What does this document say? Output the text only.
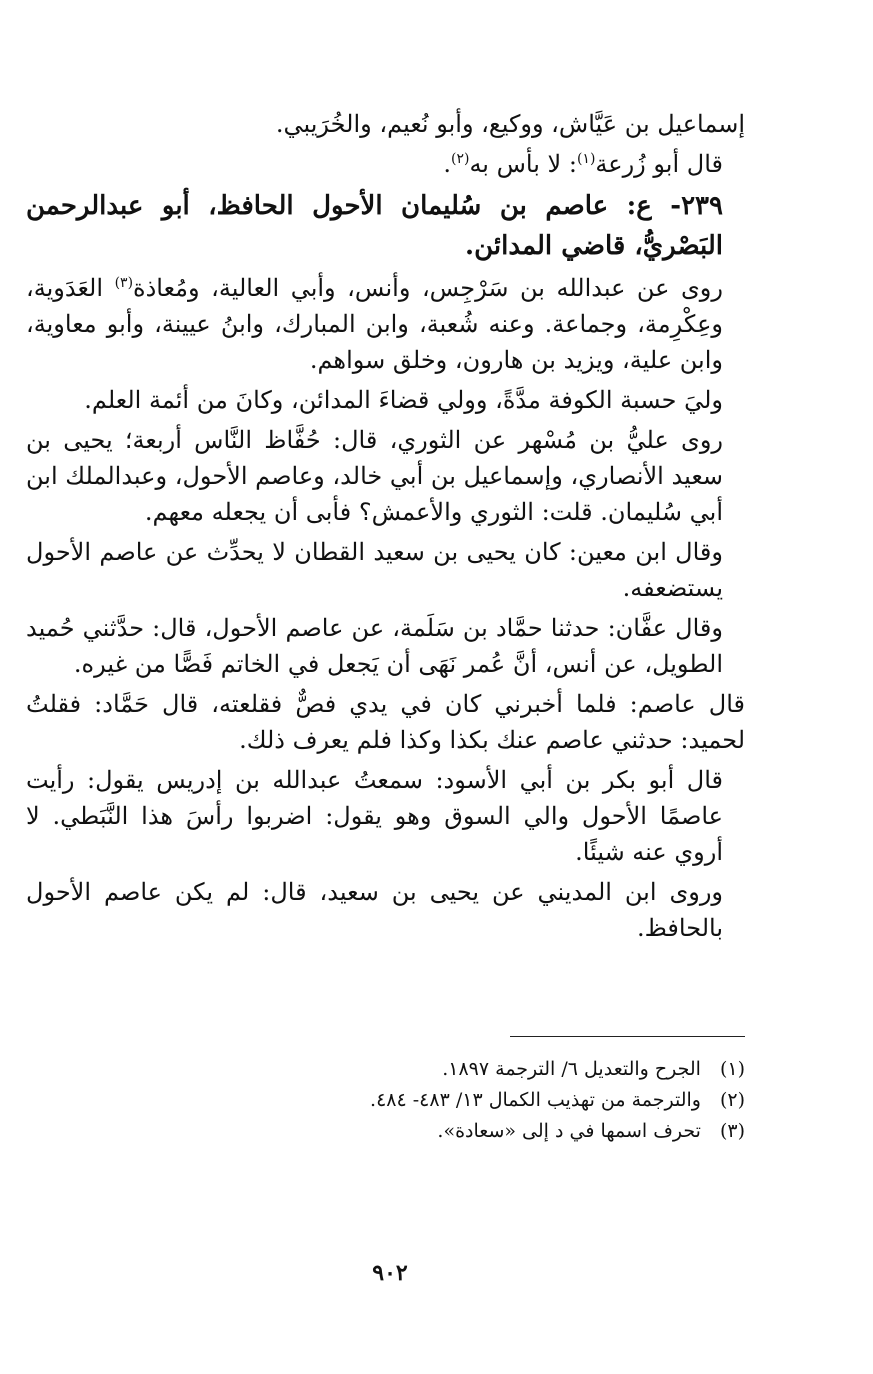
إسماعيل بن عَيَّاش، ووكيع، وأبو نُعيم، والخُرَيبي.

قال أبو زُرعة$^{(١)}$: لا بأس به$^{(٢)}$.

٢٣٩- ع: عاصم بن سُليمان الأحول الحافظ، أبو عبدالرحمن البَصْريُّ، قاضي المدائن.

روى عن عبدالله بن سَرْجِس، وأنس، وأبي العالية، ومُعاذة$^{(٣)}$ العَدَوية، وعِكْرِمة، وجماعة. وعنه شُعبة، وابن المبارك، وابنُ عيينة، وأبو معاوية، وابن علية، ويزيد بن هارون، وخلق سواهم.

وليَ حسبة الكوفة مدَّةً، وولي قضاءَ المدائن، وكانَ من أئمة العلم.

روى عليُّ بن مُسْهر عن الثوري، قال: حُفَّاظ النَّاس أربعة؛ يحيى بن سعيد الأنصاري، وإسماعيل بن أبي خالد، وعاصم الأحول، وعبدالملك ابن أبي سُليمان. قلت: الثوري والأعمش؟ فأبى أن يجعله معهم.

وقال ابن معين: كان يحيى بن سعيد القطان لا يحدِّث عن عاصم الأحول يستضعفه.

وقال عفَّان: حدثنا حمَّاد بن سَلَمة، عن عاصم الأحول، قال: حدَّثني حُميد الطويل، عن أنس، أنَّ عُمر نَهَى أن يَجعل في الخاتم فَصًّا من غيره.

قال عاصم: فلما أخبرني كان في يدي فصٌّ فقلعته، قال حَمَّاد: فقلتُ لحميد: حدثني عاصم عنك بكذا وكذا فلم يعرف ذلك.

قال أبو بكر بن أبي الأسود: سمعتُ عبدالله بن إدريس يقول: رأيت عاصمًا الأحول والي السوق وهو يقول: اضربوا رأسَ هذا النَّبَطي. لا أروي عنه شيئًا.

وروى ابن المديني عن يحيى بن سعيد، قال: لم يكن عاصم الأحول بالحافظ.

(١) الجرح والتعديل ٦/ الترجمة ١٨٩٧.
(٢) والترجمة من تهذيب الكمال ١٣/ ٤٨٣- ٤٨٤.
(٣) تحرف اسمها في د إلى «سعادة».
٩٠٢
